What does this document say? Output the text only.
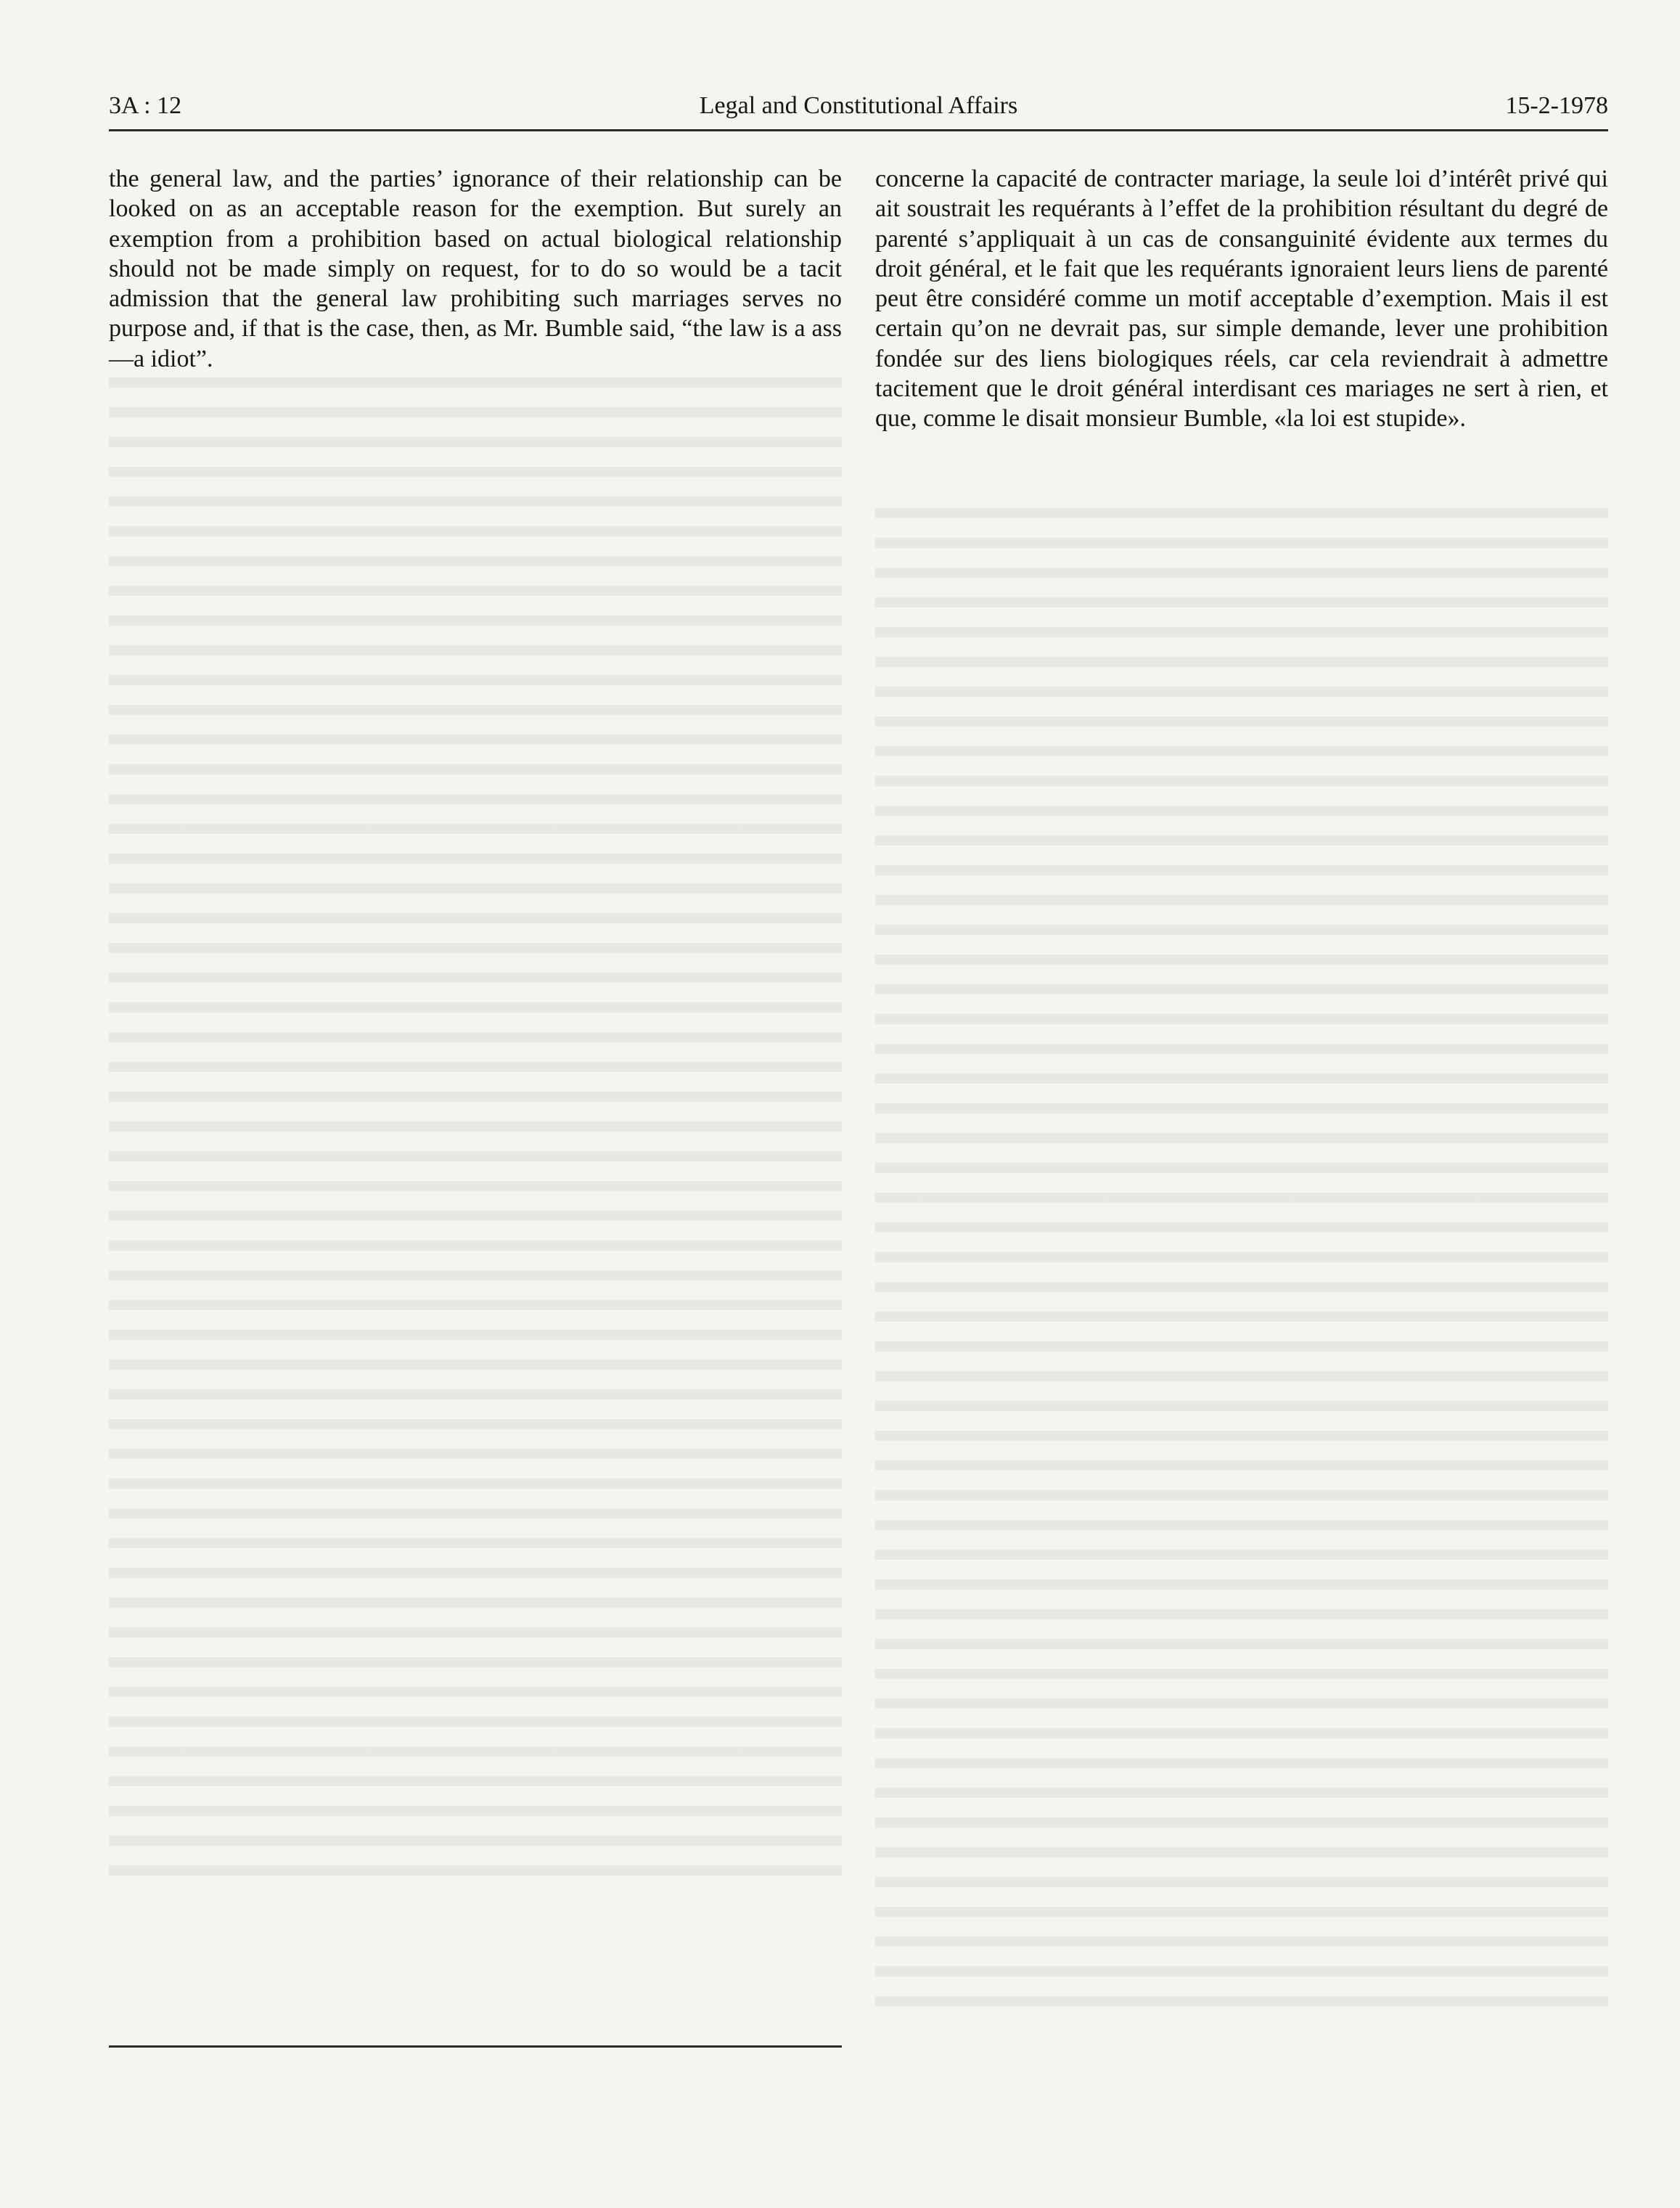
3A : 12	Legal and Constitutional Affairs	15-2-1978

the general law, and the parties’ ignorance of their relationship can be looked on as an acceptable reason for the exemption. But surely an exemption from a prohibition based on actual biological relationship should not be made simply on request, for to do so would be a tacit admission that the general law prohibiting such marriages serves no purpose and, if that is the case, then, as Mr. Bumble said, “the law is a ass—a idiot”.

concerne la capacité de contracter mariage, la seule loi d’intérêt privé qui ait soustrait les requérants à l’effet de la prohibition résultant du degré de parenté s’appliquait à un cas de consanguinité évidente aux termes du droit général, et le fait que les requérants ignoraient leurs liens de parenté peut être considéré comme un motif acceptable d’exemption. Mais il est certain qu’on ne devrait pas, sur simple demande, lever une prohibition fondée sur des liens biologiques réels, car cela reviendrait à admettre tacitement que le droit général interdisant ces mariages ne sert à rien, et que, comme le disait monsieur Bumble, «la loi est stupide».
